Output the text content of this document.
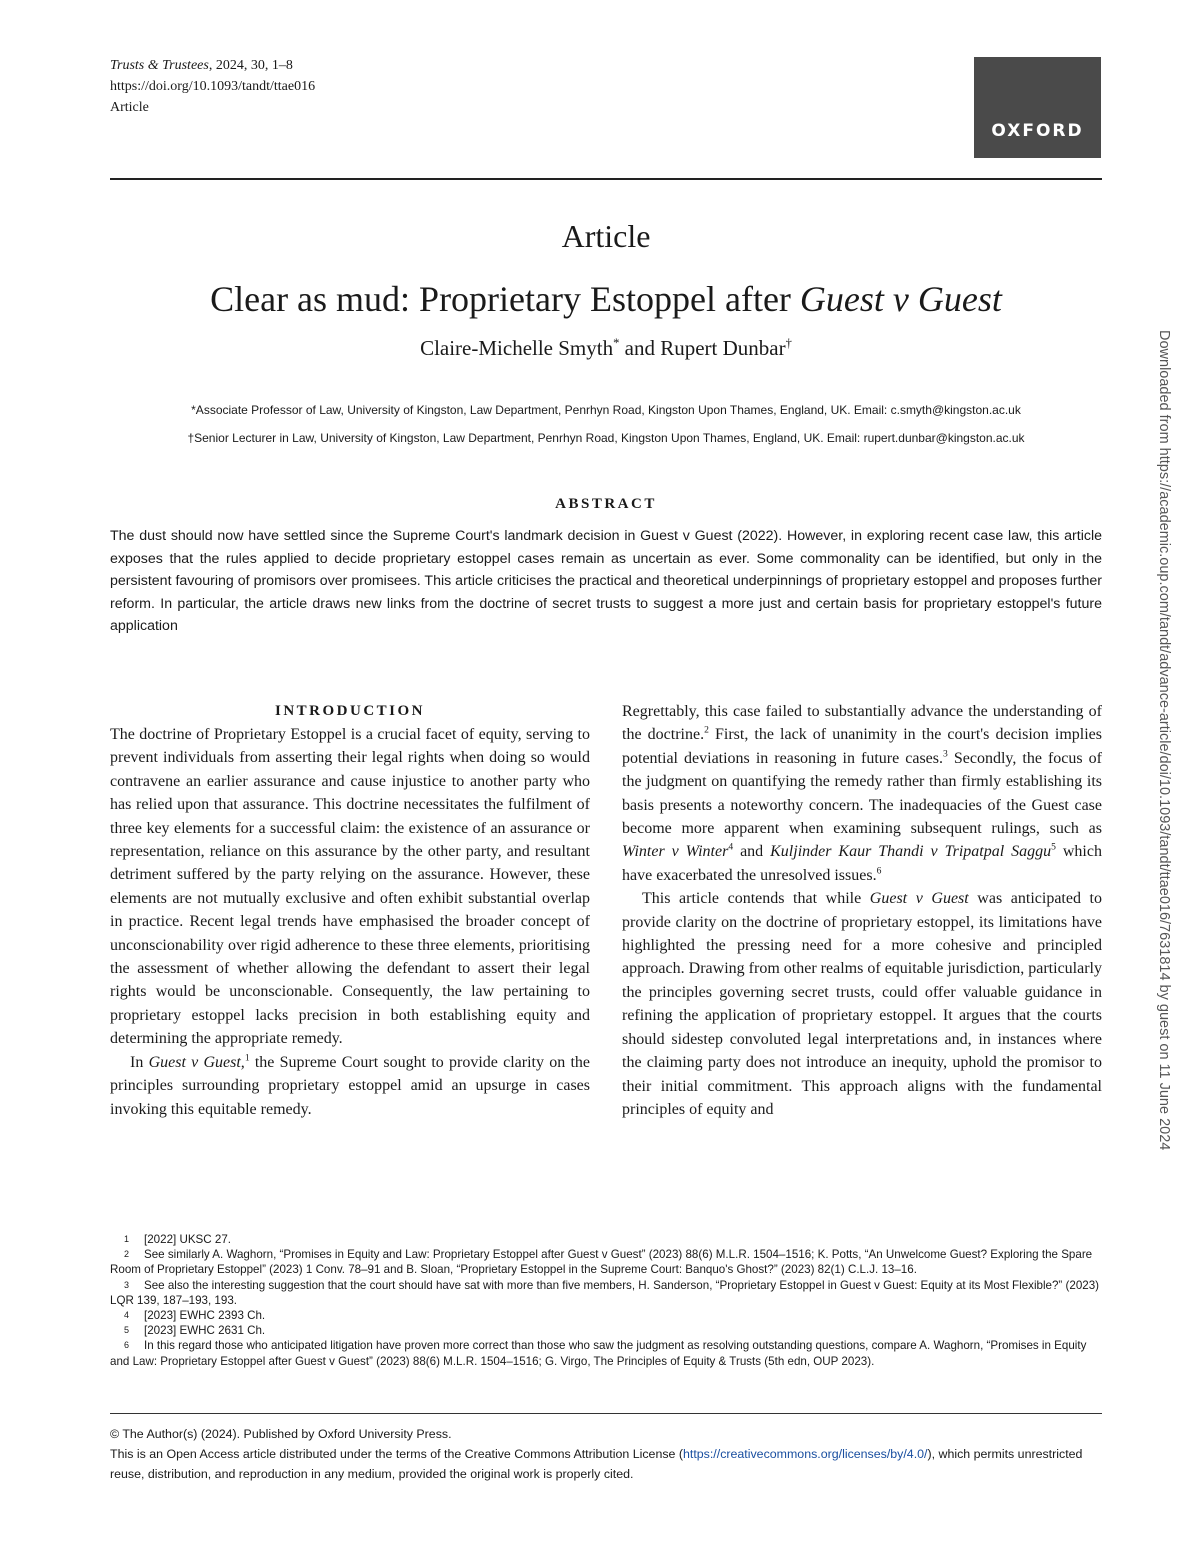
Trusts & Trustees, 2024, 30, 1–8
https://doi.org/10.1093/tandt/ttae016
Article
OXFORD
Article
Clear as mud: Proprietary Estoppel after Guest v Guest
Claire-Michelle Smyth* and Rupert Dunbar†
*Associate Professor of Law, University of Kingston, Law Department, Penrhyn Road, Kingston Upon Thames, England, UK. Email: c.smyth@kingston.ac.uk
†Senior Lecturer in Law, University of Kingston, Law Department, Penrhyn Road, Kingston Upon Thames, England, UK. Email: rupert.dunbar@kingston.ac.uk
ABSTRACT
The dust should now have settled since the Supreme Court's landmark decision in Guest v Guest (2022). However, in exploring recent case law, this article exposes that the rules applied to decide proprietary estoppel cases remain as uncertain as ever. Some commonality can be identified, but only in the persistent favouring of promisors over promisees. This article criticises the practical and theoretical underpinnings of proprietary estoppel and proposes further reform. In particular, the article draws new links from the doctrine of secret trusts to suggest a more just and certain basis for proprietary estoppel's future application
INTRODUCTION

The doctrine of Proprietary Estoppel is a crucial facet of equity, serving to prevent individuals from asserting their legal rights when doing so would contravene an earlier assurance and cause injustice to another party who has relied upon that assurance. This doctrine necessitates the fulfilment of three key elements for a successful claim: the existence of an assurance or representation, reliance on this assurance by the other party, and resultant detriment suffered by the party relying on the assurance. However, these elements are not mutually exclusive and often exhibit substantial overlap in practice. Recent legal trends have emphasised the broader concept of unconscionability over rigid adherence to these three elements, prioritising the assessment of whether allowing the defendant to assert their legal rights would be unconscionable. Consequently, the law pertaining to proprietary estoppel lacks precision in both establishing equity and determining the appropriate remedy.

In Guest v Guest,$^1$ the Supreme Court sought to provide clarity on the principles surrounding proprietary estoppel amid an upsurge in cases invoking this equitable remedy.

Regrettably, this case failed to substantially advance the understanding of the doctrine.$^2$ First, the lack of unanimity in the court's decision implies potential deviations in reasoning in future cases.$^3$ Secondly, the focus of the judgment on quantifying the remedy rather than firmly establishing its basis presents a noteworthy concern. The inadequacies of the Guest case become more apparent when examining subsequent rulings, such as Winter v Winter$^4$ and Kuljinder Kaur Thandi v Tripatpal Saggu$^5$ which have exacerbated the unresolved issues.$^6$

This article contends that while Guest v Guest was anticipated to provide clarity on the doctrine of proprietary estoppel, its limitations have highlighted the pressing need for a more cohesive and principled approach. Drawing from other realms of equitable jurisdiction, particularly the principles governing secret trusts, could offer valuable guidance in refining the application of proprietary estoppel. It argues that the courts should sidestep convoluted legal interpretations and, in instances where the claiming party does not introduce an inequity, uphold the promisor to their initial commitment. This approach aligns with the fundamental principles of equity and

1 [2022] UKSC 27.

2 See similarly A. Waghorn, “Promises in Equity and Law: Proprietary Estoppel after Guest v Guest” (2023) 88(6) M.L.R. 1504–1516; K. Potts, “An Unwelcome Guest? Exploring the Spare Room of Proprietary Estoppel” (2023) 1 Conv. 78–91 and B. Sloan, “Proprietary Estoppel in the Supreme Court: Banquo's Ghost?” (2023) 82(1) C.L.J. 13–16.

3 See also the interesting suggestion that the court should have sat with more than five members, H. Sanderson, “Proprietary Estoppel in Guest v Guest: Equity at its Most Flexible?” (2023) LQR 139, 187–193, 193.

4 [2023] EWHC 2393 Ch.

5 [2023] EWHC 2631 Ch.

6 In this regard those who anticipated litigation have proven more correct than those who saw the judgment as resolving outstanding questions, compare A. Waghorn, “Promises in Equity and Law: Proprietary Estoppel after Guest v Guest” (2023) 88(6) M.L.R. 1504–1516; G. Virgo, The Principles of Equity & Trusts (5th edn, OUP 2023).

© The Author(s) (2024). Published by Oxford University Press.
This is an Open Access article distributed under the terms of the Creative Commons Attribution License (https://creativecommons.org/licenses/by/4.0/), which permits unrestricted reuse, distribution, and reproduction in any medium, provided the original work is properly cited.
Downloaded from https://academic.oup.com/tandt/advance-article/doi/10.1093/tandt/ttae016/7631814 by guest on 11 June 2024
